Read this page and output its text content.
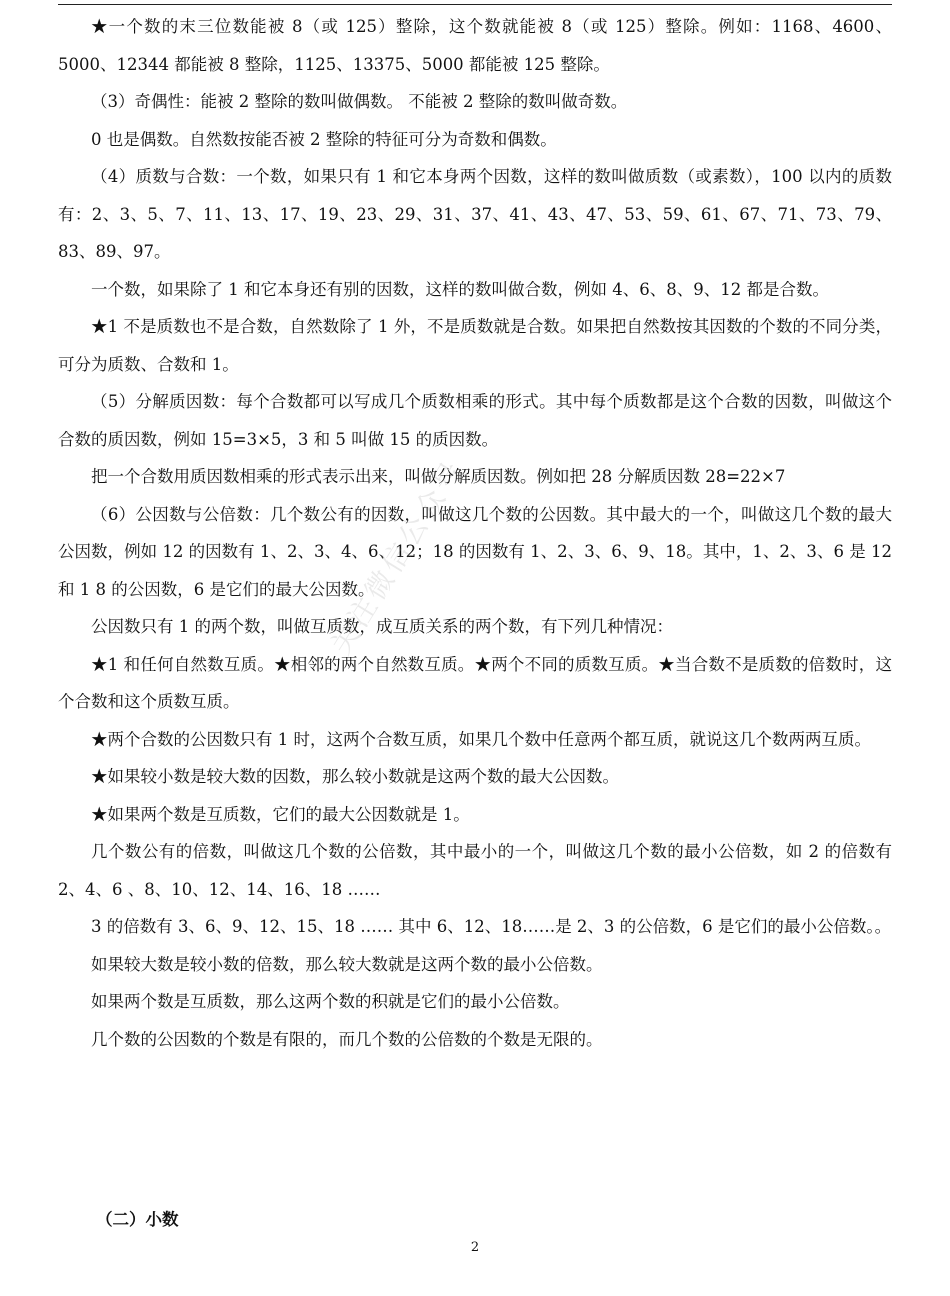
★一个数的末三位数能被 8（或 125）整除，这个数就能被 8（或 125）整除。例如：1168、4600、5000、12344 都能被 8 整除，1125、13375、5000 都能被 125 整除。

（3）奇偶性：能被 2 整除的数叫做偶数。 不能被 2 整除的数叫做奇数。

0 也是偶数。自然数按能否被 2 整除的特征可分为奇数和偶数。

（4）质数与合数：一个数，如果只有 1 和它本身两个因数，这样的数叫做质数（或素数），100 以内的质数有：2、3、5、7、11、13、17、19、23、29、31、37、41、43、47、53、59、61、67、71、73、79、83、89、97。

一个数，如果除了 1 和它本身还有别的因数，这样的数叫做合数，例如 4、6、8、9、12 都是合数。

★1 不是质数也不是合数，自然数除了 1 外，不是质数就是合数。如果把自然数按其因数的个数的不同分类，可分为质数、合数和 1。

（5）分解质因数：每个合数都可以写成几个质数相乘的形式。其中每个质数都是这个合数的因数，叫做这个合数的质因数，例如 15=3×5，3 和 5 叫做 15 的质因数。

把一个合数用质因数相乘的形式表示出来，叫做分解质因数。例如把 28 分解质因数 28=22×7

（6）公因数与公倍数：几个数公有的因数，叫做这几个数的公因数。其中最大的一个，叫做这几个数的最大公因数，例如 12 的因数有 1、2、3、4、6、12；18 的因数有 1、2、3、6、9、18。其中，1、2、3、6 是 12 和 1 8 的公因数，6 是它们的最大公因数。

公因数只有 1 的两个数，叫做互质数，成互质关系的两个数，有下列几种情况：

★1 和任何自然数互质。★相邻的两个自然数互质。★两个不同的质数互质。★当合数不是质数的倍数时，这个合数和这个质数互质。

★两个合数的公因数只有 1 时，这两个合数互质，如果几个数中任意两个都互质，就说这几个数两两互质。

★如果较小数是较大数的因数，那么较小数就是这两个数的最大公因数。

★如果两个数是互质数，它们的最大公因数就是 1。

几个数公有的倍数，叫做这几个数的公倍数，其中最小的一个，叫做这几个数的最小公倍数，如 2 的倍数有 2、4、6 、8、10、12、14、16、18 ……

3 的倍数有 3、6、9、12、15、18 …… 其中 6、12、18……是 2、3 的公倍数，6 是它们的最小公倍数。。

如果较大数是较小数的倍数，那么较大数就是这两个数的最小公倍数。

如果两个数是互质数，那么这两个数的积就是它们的最小公倍数。

几个数的公因数的个数是有限的，而几个数的公倍数的个数是无限的。

（二）小数
2
关注微信公众号
